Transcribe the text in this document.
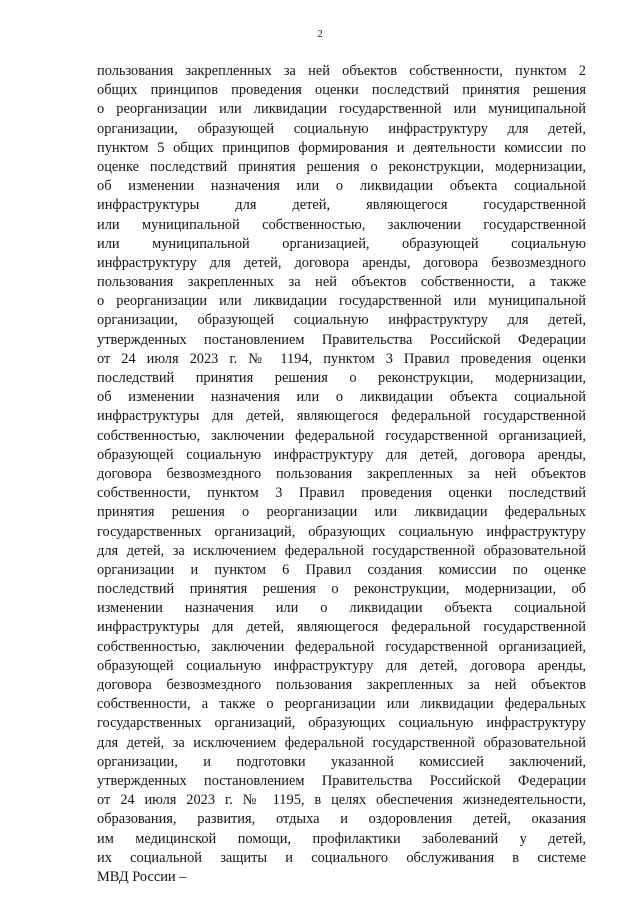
2
пользования закрепленных за ней объектов собственности, пунктом 2
общих принципов проведения оценки последствий принятия решения
о реорганизации или ликвидации государственной или муниципальной
организации, образующей социальную инфраструктуру для детей,
пунктом 5 общих принципов формирования и деятельности комиссии по
оценке последствий принятия решения о реконструкции, модернизации,
об изменении назначения или о ликвидации объекта социальной
инфраструктуры для детей, являющегося государственной
или муниципальной собственностью, заключении государственной
или муниципальной организацией, образующей социальную
инфраструктуру для детей, договора аренды, договора безвозмездного
пользования закрепленных за ней объектов собственности, а также
о реорганизации или ликвидации государственной или муниципальной
организации, образующей социальную инфраструктуру для детей,
утвержденных постановлением Правительства Российской Федерации
от 24 июля 2023 г. № 1194, пунктом 3 Правил проведения оценки
последствий принятия решения о реконструкции, модернизации,
об изменении назначения или о ликвидации объекта социальной
инфраструктуры для детей, являющегося федеральной государственной
собственностью, заключении федеральной государственной организацией,
образующей социальную инфраструктуру для детей, договора аренды,
договора безвозмездного пользования закрепленных за ней объектов
собственности, пунктом 3 Правил проведения оценки последствий
принятия решения о реорганизации или ликвидации федеральных
государственных организаций, образующих социальную инфраструктуру
для детей, за исключением федеральной государственной образовательной
организации и пунктом 6 Правил создания комиссии по оценке
последствий принятия решения о реконструкции, модернизации, об
изменении назначения или о ликвидации объекта социальной
инфраструктуры для детей, являющегося федеральной государственной
собственностью, заключении федеральной государственной организацией,
образующей социальную инфраструктуру для детей, договора аренды,
договора безвозмездного пользования закрепленных за ней объектов
собственности, а также о реорганизации или ликвидации федеральных
государственных организаций, образующих социальную инфраструктуру
для детей, за исключением федеральной государственной образовательной
организации, и подготовки указанной комиссией заключений,
утвержденных постановлением Правительства Российской Федерации
от 24 июля 2023 г. № 1195, в целях обеспечения жизнедеятельности,
образования, развития, отдыха и оздоровления детей, оказания
им медицинской помощи, профилактики заболеваний у детей,
их социальной защиты и социального обслуживания в системе
МВД России –
